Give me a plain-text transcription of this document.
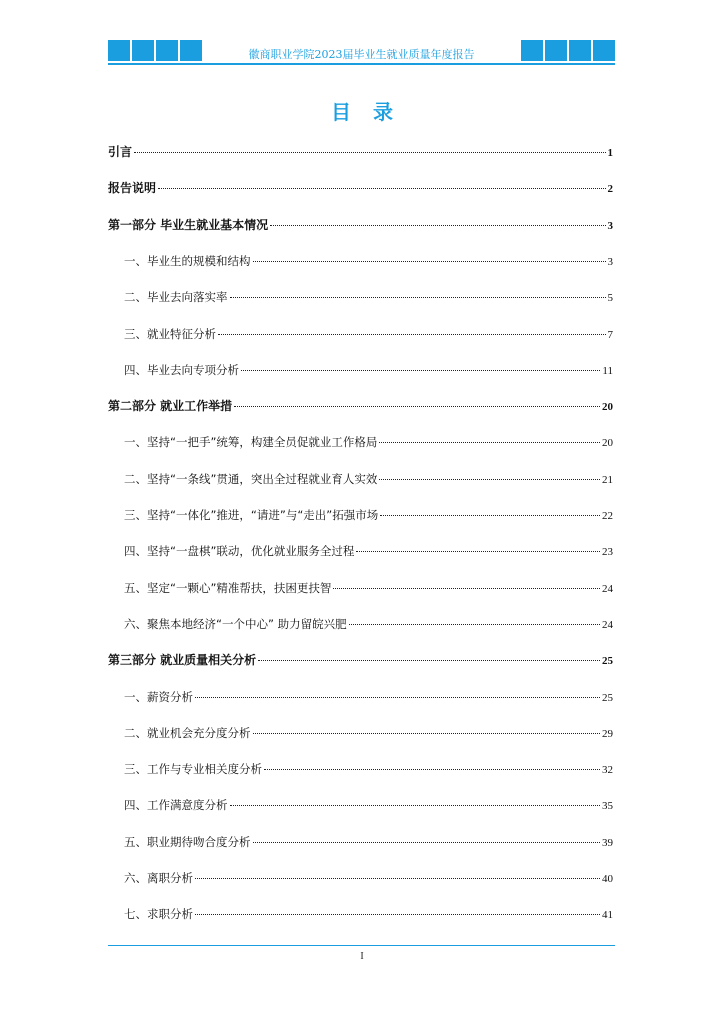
徽商职业学院2023届毕业生就业质量年度报告
目录
引言	1
报告说明	2
第一部分 毕业生就业基本情况	3
一、毕业生的规模和结构	3
二、毕业去向落实率	5
三、就业特征分析	7
四、毕业去向专项分析	11
第二部分 就业工作举措	20
一、坚持“一把手”统筹，构建全员促就业工作格局	20
二、坚持“一条线”贯通，突出全过程就业育人实效	21
三、坚持“一体化”推进，“请进”与“走出”拓强市场	22
四、坚持“一盘棋”联动，优化就业服务全过程	23
五、坚定“一颗心”精准帮扶，扶困更扶智	24
六、聚焦本地经济“一个中心” 助力留皖兴肥	24
第三部分 就业质量相关分析	25
一、薪资分析	25
二、就业机会充分度分析	29
三、工作与专业相关度分析	32
四、工作满意度分析	35
五、职业期待吻合度分析	39
六、离职分析	40
七、求职分析	41
I
